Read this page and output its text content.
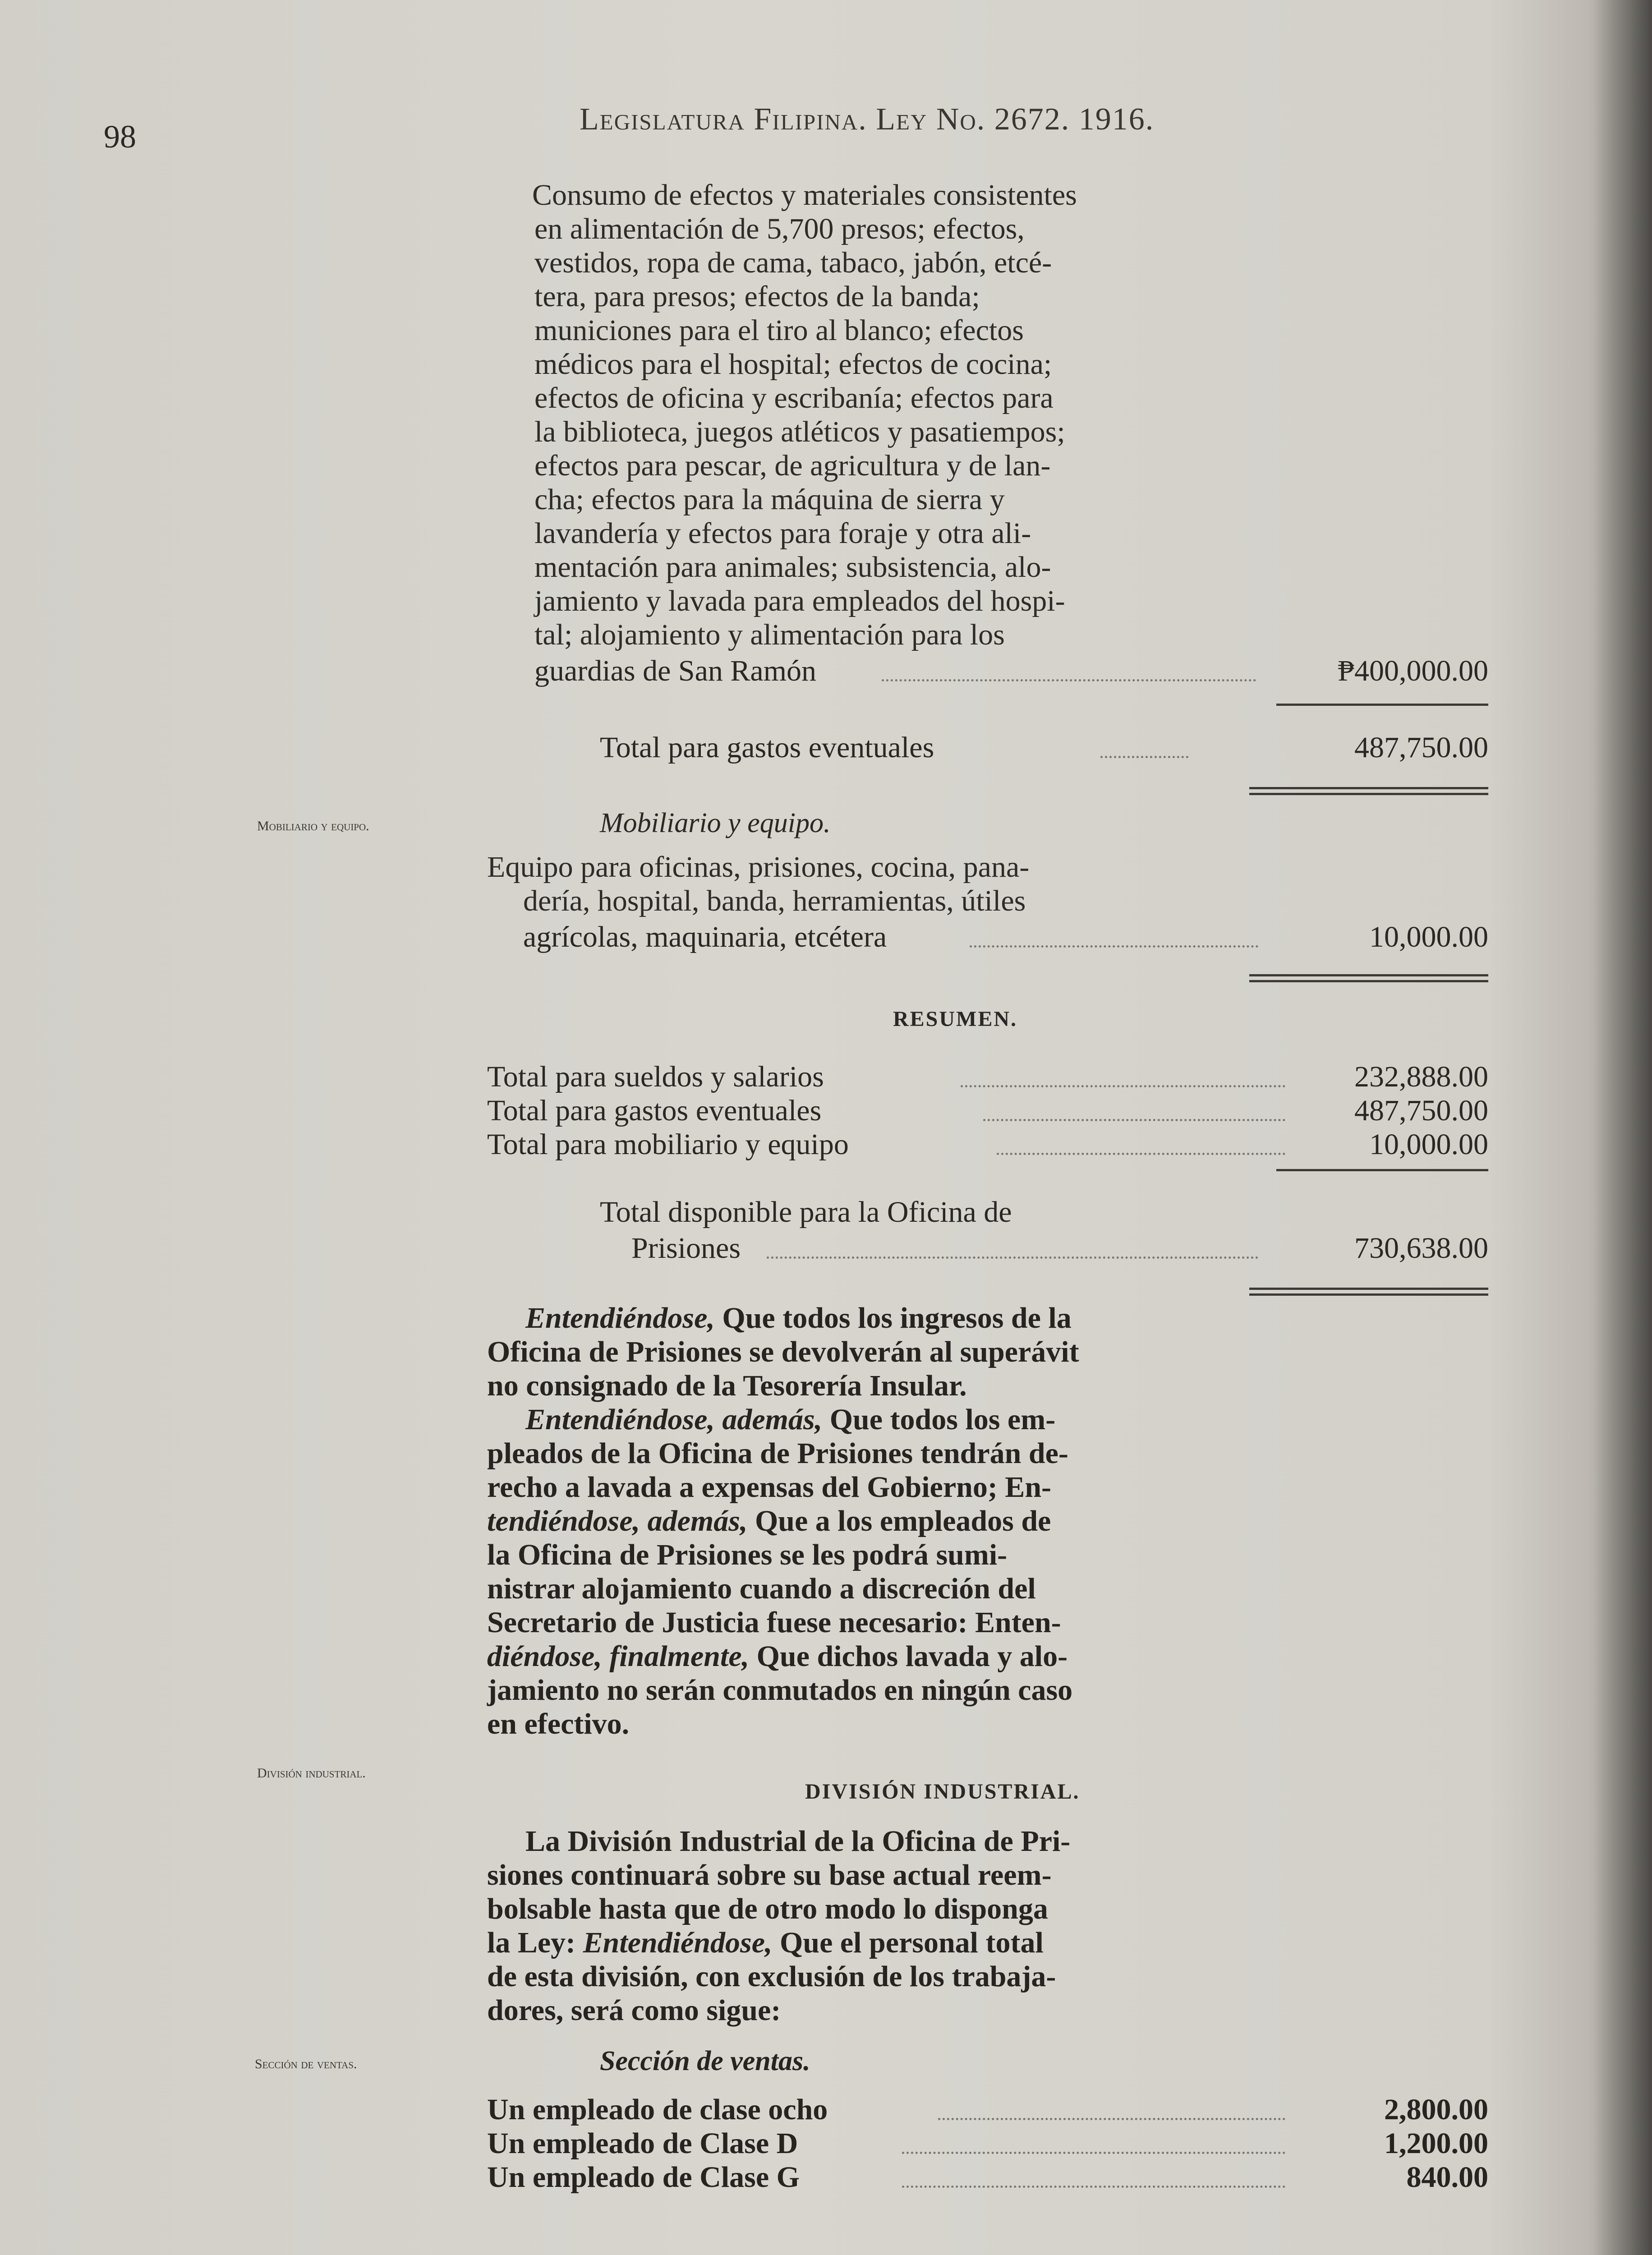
98	Legislatura Filipina. Ley No. 2672. 1916.
Consumo de efectos y materiales consistentes
en alimentación de 5,700 presos; efectos,
vestidos, ropa de cama, tabaco, jabón, etcé-
tera, para presos; efectos de la banda;
municiones para el tiro al blanco; efectos
médicos para el hospital; efectos de cocina;
efectos de oficina y escribanía; efectos para
la biblioteca, juegos atléticos y pasatiempos;
efectos para pescar, de agricultura y de lan-
cha; efectos para la máquina de sierra y
lavandería y efectos para foraje y otra ali-
mentación para animales; subsistencia, alo-
jamiento y lavada para empleados del hospi-
tal; alojamiento y alimentación para los
guardias de San Ramón	₱400,000.00
Total para gastos eventuales	487,750.00
Mobiliario y equipo.	Mobiliario y equipo.
Equipo para oficinas, prisiones, cocina, pana-
dería, hospital, banda, herramientas, útiles
agrícolas, maquinaria, etcétera	10,000.00
RESUMEN.
Total para sueldos y salarios	232,888.00
Total para gastos eventuales	487,750.00
Total para mobiliario y equipo	10,000.00
Total disponible para la Oficina de
Prisiones	730,638.00
Entendiéndose, Que todos los ingresos de la
Oficina de Prisiones se devolverán al superávit
no consignado de la Tesorería Insular.
Entendiéndose, además, Que todos los em-
pleados de la Oficina de Prisiones tendrán de-
recho a lavada a expensas del Gobierno; En-
tendiéndose, además, Que a los empleados de
la Oficina de Prisiones se les podrá sumi-
nistrar alojamiento cuando a discreción del
Secretario de Justicia fuese necesario: Enten-
diéndose, finalmente, Que dichos lavada y alo-
jamiento no serán conmutados en ningún caso
en efectivo.
División industrial.
DIVISIÓN INDUSTRIAL.
La División Industrial de la Oficina de Pri-
siones continuará sobre su base actual reem-
bolsable hasta que de otro modo lo disponga
la Ley: Entendiéndose, Que el personal total
de esta división, con exclusión de los trabaja-
dores, será como sigue:
Sección de ventas.	Sección de ventas.
Un empleado de clase ocho	2,800.00
Un empleado de Clase D	1,200.00
Un empleado de Clase G	840.00
